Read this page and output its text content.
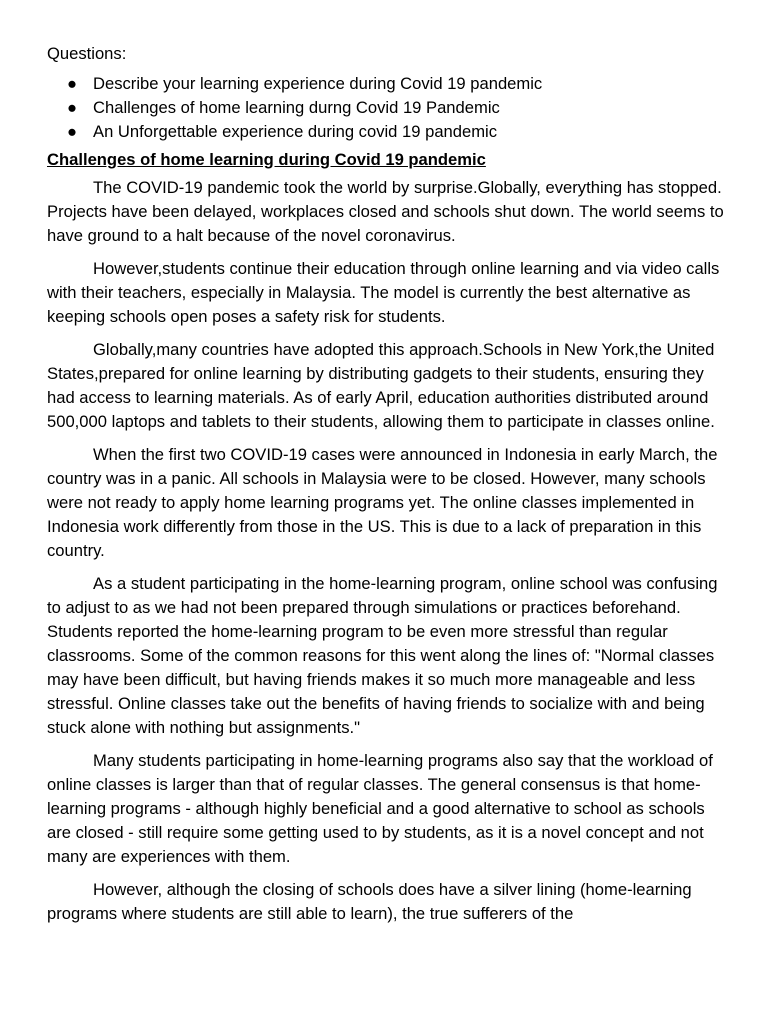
Questions:
● Describe your learning experience during Covid 19 pandemic
● Challenges of home learning durng Covid 19 Pandemic
● An Unforgettable experience during covid 19 pandemic
Challenges of home learning during Covid 19 pandemic

The COVID-19 pandemic took the world by surprise.Globally, everything has stopped. Projects have been delayed, workplaces closed and schools shut down. The world seems to have ground to a halt because of the novel coronavirus.

However,students continue their education through online learning and via video calls with their teachers, especially in Malaysia. The model is currently the best alternative as keeping schools open poses a safety risk for students.

Globally,many countries have adopted this approach.Schools in New York,the United States,prepared for online learning by distributing gadgets to their students, ensuring they had access to learning materials. As of early April, education authorities distributed around 500,000 laptops and tablets to their students, allowing them to participate in classes online.

When the first two COVID-19 cases were announced in Indonesia in early March, the country was in a panic. All schools in Malaysia were to be closed. However, many schools were not ready to apply home learning programs yet. The online classes implemented in Indonesia work differently from those in the US. This is due to a lack of preparation in this country.

As a student participating in the home-learning program, online school was confusing to adjust to as we had not been prepared through simulations or practices beforehand. Students reported the home-learning program to be even more stressful than regular classrooms. Some of the common reasons for this went along the lines of: "Normal classes may have been difficult, but having friends makes it so much more manageable and less stressful. Online classes take out the benefits of having friends to socialize with and being stuck alone with nothing but assignments."

Many students participating in home-learning programs also say that the workload of online classes is larger than that of regular classes. The general consensus is that home-learning programs - although highly beneficial and a good alternative to school as schools are closed - still require some getting used to by students, as it is a novel concept and not many are experiences with them.

However, although the closing of schools does have a silver lining (home-learning programs where students are still able to learn), the true sufferers of the
